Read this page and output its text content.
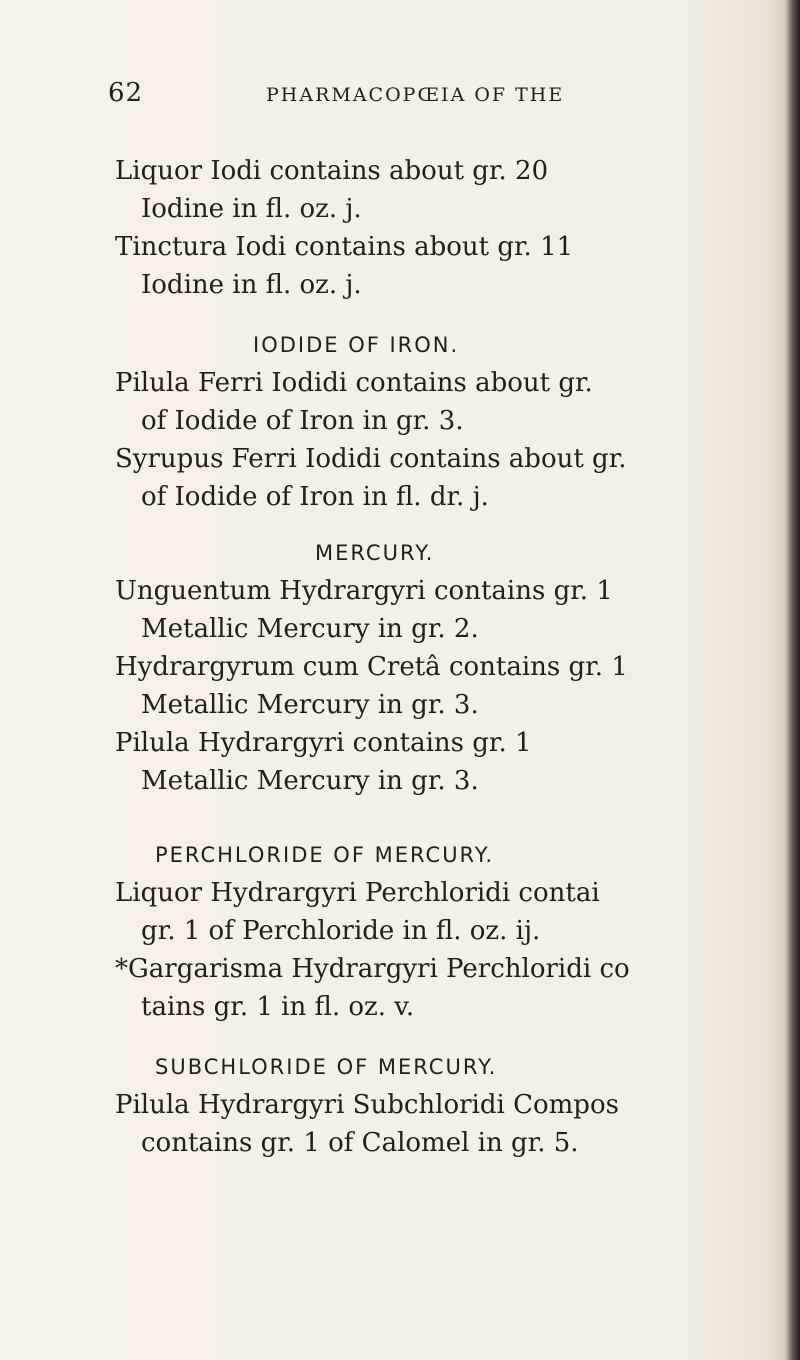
62	PHARMACOPŒIA OF THE

Liquor Iodi contains about gr. 20

Iodine in fl. oz. j.

Tinctura Iodi contains about gr. 11

Iodine in fl. oz. j.

IODIDE OF IRON.

Pilula Ferri Iodidi contains about gr.

of Iodide of Iron in gr. 3.

Syrupus Ferri Iodidi contains about gr.

of Iodide of Iron in fl. dr. j.

MERCURY.

Unguentum Hydrargyri contains gr. 1

Metallic Mercury in gr. 2.

Hydrargyrum cum Cretâ contains gr. 1

Metallic Mercury in gr. 3.

Pilula Hydrargyri contains gr. 1

Metallic Mercury in gr. 3.

PERCHLORIDE OF MERCURY.

Liquor Hydrargyri Perchloridi contai

gr. 1 of Perchloride in fl. oz. ij.

*Gargarisma Hydrargyri Perchloridi co

tains gr. 1 in fl. oz. v.

SUBCHLORIDE OF MERCURY.

Pilula Hydrargyri Subchloridi Compos

contains gr. 1 of Calomel in gr. 5.
